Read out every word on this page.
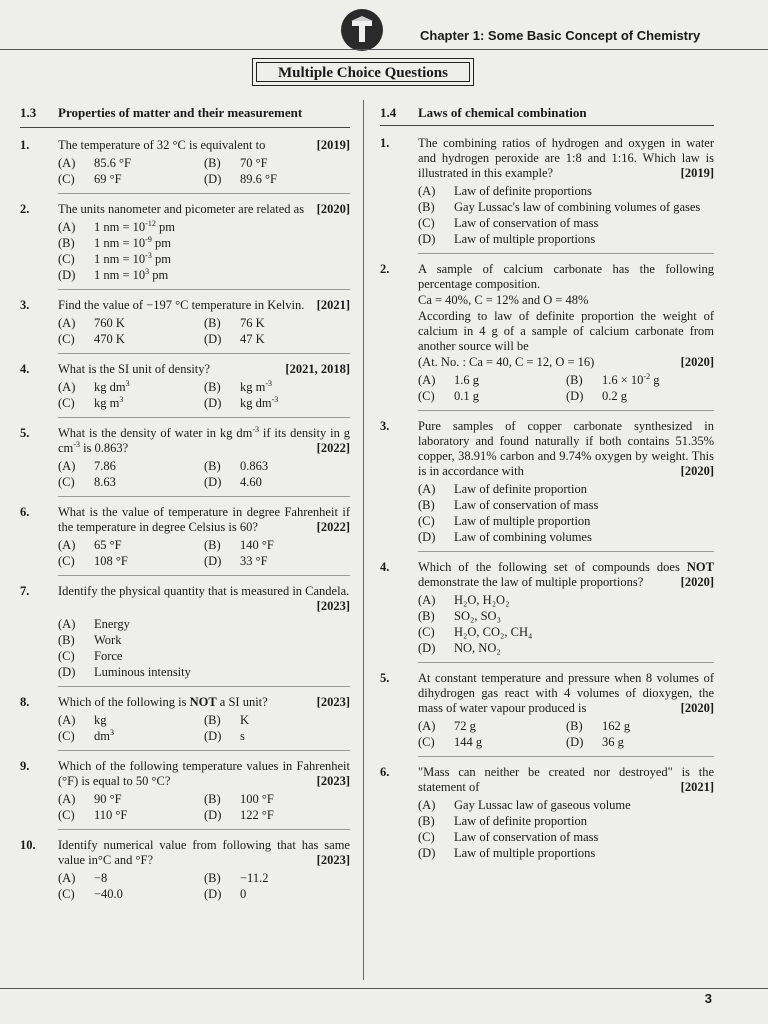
Chapter 1: Some Basic Concept of Chemistry
Multiple Choice Questions
1.3	Properties of matter and their measurement
1.	The temperature of 32 °C is equivalent to	[2019]
(A)	85.6 °F	(B)	70 °F
(C)	69 °F	(D)	89.6 °F
2.	The units nanometer and picometer are related as [2020]
(A)	1 nm = $10^{-12}$ pm
(B)	1 nm = $10^{-9}$ pm
(C)	1 nm = $10^{-3}$ pm
(D)	1 nm = $10^3$ pm
3.	Find the value of −197 °C temperature in Kelvin. [2021]
(A)	760 K	(B)	76 K
(C)	470 K	(D)	47 K
4.	What is the SI unit of density?	[2021, 2018]
(A)	kg $dm^3$	(B)	kg $m^{-3}$
(C)	kg $m^3$	(D)	kg $dm^{-3}$
5.	What is the density of water in kg $dm^{-3}$ if its density in g $cm^{-3}$ is 0.863?	[2022]
(A)	7.86	(B)	0.863
(C)	8.63	(D)	4.60
6.	What is the value of temperature in degree Fahrenheit if the temperature in degree Celsius is 60?	[2022]
(A)	65 °F	(B)	140 °F
(C)	108 °F	(D)	33 °F
7.	Identify the physical quantity that is measured in Candela.
[2023]
(A)	Energy
(B)	Work
(C)	Force
(D)	Luminous intensity
8.	Which of the following is NOT a SI unit?	[2023]
(A)	kg	(B)	K
(C)	$dm^3$	(D)	s
9.	Which of the following temperature values in Fahrenheit (°F) is equal to 50 °C?	[2023]
(A)	90 °F	(B)	100 °F
(C)	110 °F	(D)	122 °F
10.	Identify numerical value from following that has same value in°C and °F?	[2023]
(A)	−8	(B)	−11.2
(C)	−40.0	(D)	0
1.4	Laws of chemical combination
1.	The combining ratios of hydrogen and oxygen in water and hydrogen peroxide are 1:8 and 1:16. Which law is illustrated in this example?	[2019]
(A)	Law of definite proportions
(B)	Gay Lussac's law of combining volumes of gases
(C)	Law of conservation of mass
(D)	Law of multiple proportions
2.	A sample of calcium carbonate has the following percentage composition.
Ca = 40%, C = 12% and O = 48%
According to law of definite proportion the weight of calcium in 4 g of a sample of calcium carbonate from another source will be
(At. No. : Ca = 40, C = 12, O = 16)	[2020]
(A)	1.6 g	(B)	$1.6 \times 10^{-2}$ g
(C)	0.1 g	(D)	0.2 g
3.	Pure samples of copper carbonate synthesized in laboratory and found naturally if both contains 51.35% copper, 38.91% carbon and 9.74% oxygen by weight. This is in accordance with	[2020]
(A)	Law of definite proportion
(B)	Law of conservation of mass
(C)	Law of multiple proportion
(D)	Law of combining volumes
4.	Which of the following set of compounds does NOT demonstrate the law of multiple proportions?	[2020]
(A)	H₂O, H₂O₂
(B)	SO₂, SO₃
(C)	H₂O, CO₂, CH₄
(D)	NO, NO₂
5.	At constant temperature and pressure when 8 volumes of dihydrogen gas react with 4 volumes of dioxygen, the mass of water vapour produced is	[2020]
(A)	72 g	(B)	162 g
(C)	144 g	(D)	36 g
6.	"Mass can neither be created nor destroyed" is the statement of	[2021]
(A)	Gay Lussac law of gaseous volume
(B)	Law of definite proportion
(C)	Law of conservation of mass
(D)	Law of multiple proportions
3
